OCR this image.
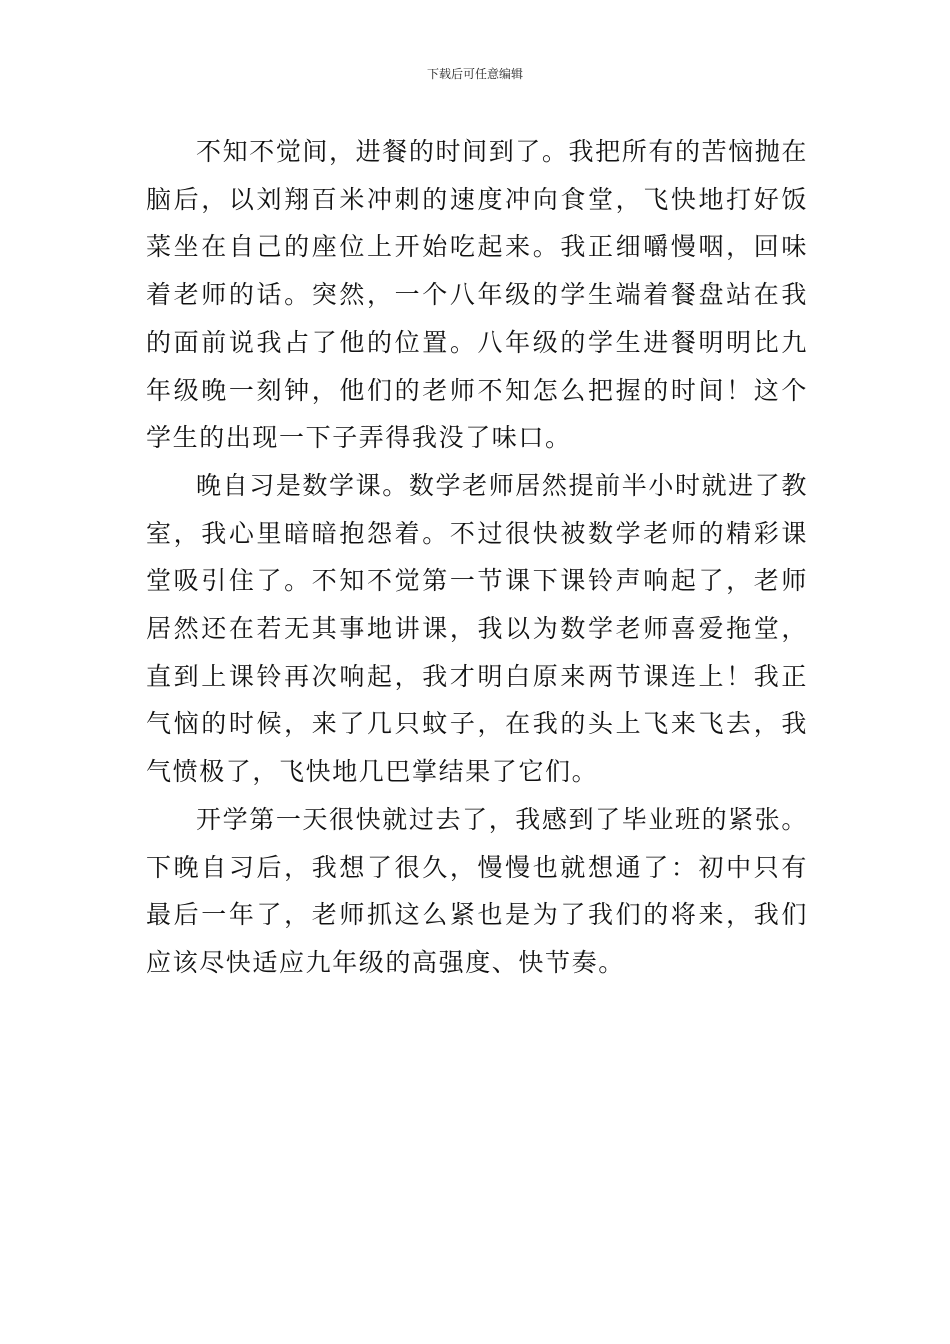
下载后可任意编辑

不知不觉间，进餐的时间到了。我把所有的苦恼抛在脑后，以刘翔百米冲刺的速度冲向食堂，飞快地打好饭菜坐在自己的座位上开始吃起来。我正细嚼慢咽，回味着老师的话。突然，一个八年级的学生端着餐盘站在我的面前说我占了他的位置。八年级的学生进餐明明比九年级晚一刻钟，他们的老师不知怎么把握的时间！这个学生的出现一下子弄得我没了味口。

晚自习是数学课。数学老师居然提前半小时就进了教室，我心里暗暗抱怨着。不过很快被数学老师的精彩课堂吸引住了。不知不觉第一节课下课铃声响起了，老师居然还在若无其事地讲课，我以为数学老师喜爱拖堂，直到上课铃再次响起，我才明白原来两节课连上！我正气恼的时候，来了几只蚊子，在我的头上飞来飞去，我气愤极了，飞快地几巴掌结果了它们。

开学第一天很快就过去了，我感到了毕业班的紧张。下晚自习后，我想了很久，慢慢也就想通了：初中只有最后一年了，老师抓这么紧也是为了我们的将来，我们应该尽快适应九年级的高强度、快节奏。
